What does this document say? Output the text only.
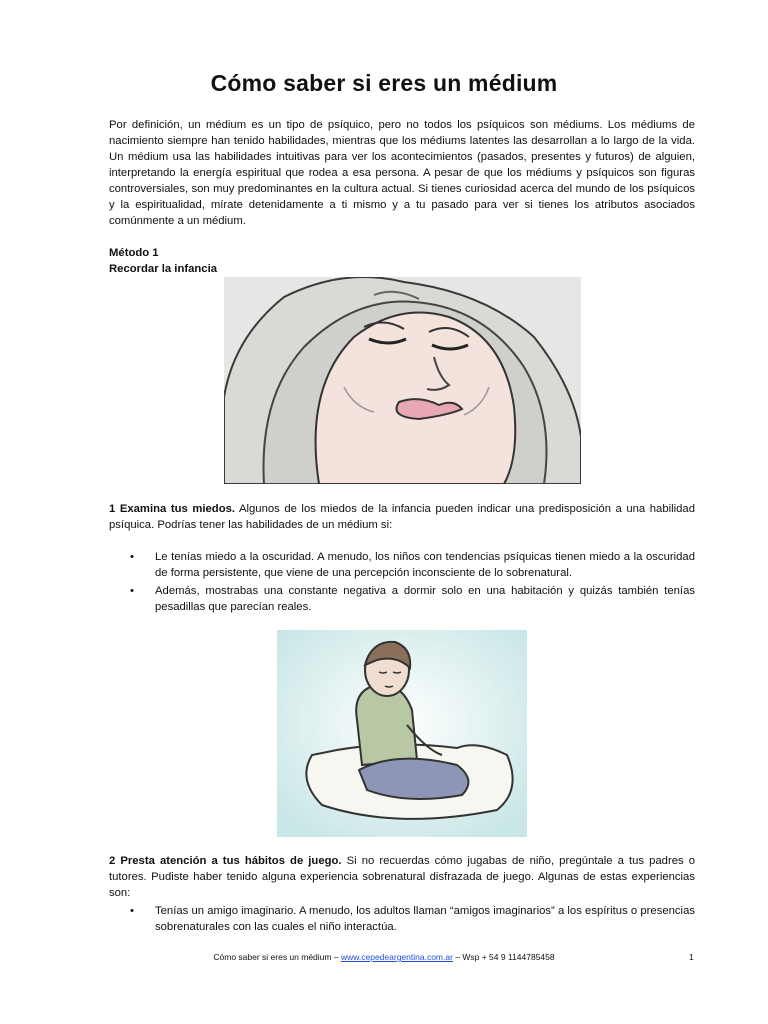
Cómo saber si eres un médium
Por definición, un médium es un tipo de psíquico, pero no todos los psíquicos son médiums. Los médiums de nacimiento siempre han tenido habilidades, mientras que los médiums latentes las desarrollan a lo largo de la vida. Un médium usa las habilidades intuitivas para ver los acontecimientos (pasados, presentes y futuros) de alguien, interpretando la energía espiritual que rodea a esa persona. A pesar de que los médiums y psíquicos son figuras controversiales, son muy predominantes en la cultura actual. Si tienes curiosidad acerca del mundo de los psíquicos y la espiritualidad, mírate detenidamente a ti mismo y a tu pasado para ver si tienes los atributos asociados comúnmente a un médium.
Método 1
Recordar la infancia
1 Examina tus miedos. Algunos de los miedos de la infancia pueden indicar una predisposición a una habilidad psíquica. Podrías tener las habilidades de un médium si:
• Le tenías miedo a la oscuridad. A menudo, los niños con tendencias psíquicas tienen miedo a la oscuridad de forma persistente, que viene de una percepción inconsciente de lo sobrenatural.
• Además, mostrabas una constante negativa a dormir solo en una habitación y quizás también tenías pesadillas que parecían reales.
2 Presta atención a tus hábitos de juego. Si no recuerdas cómo jugabas de niño, pregúntale a tus padres o tutores. Pudiste haber tenido alguna experiencia sobrenatural disfrazada de juego. Algunas de estas experiencias son:
• Tenías un amigo imaginario. A menudo, los adultos llaman “amigos imaginarios” a los espíritus o presencias sobrenaturales con las cuales el niño interactúa.
Cómo saber si eres un médium – www.cepedeargentina.com.ar – Wsp + 54 9 1144785458	1
